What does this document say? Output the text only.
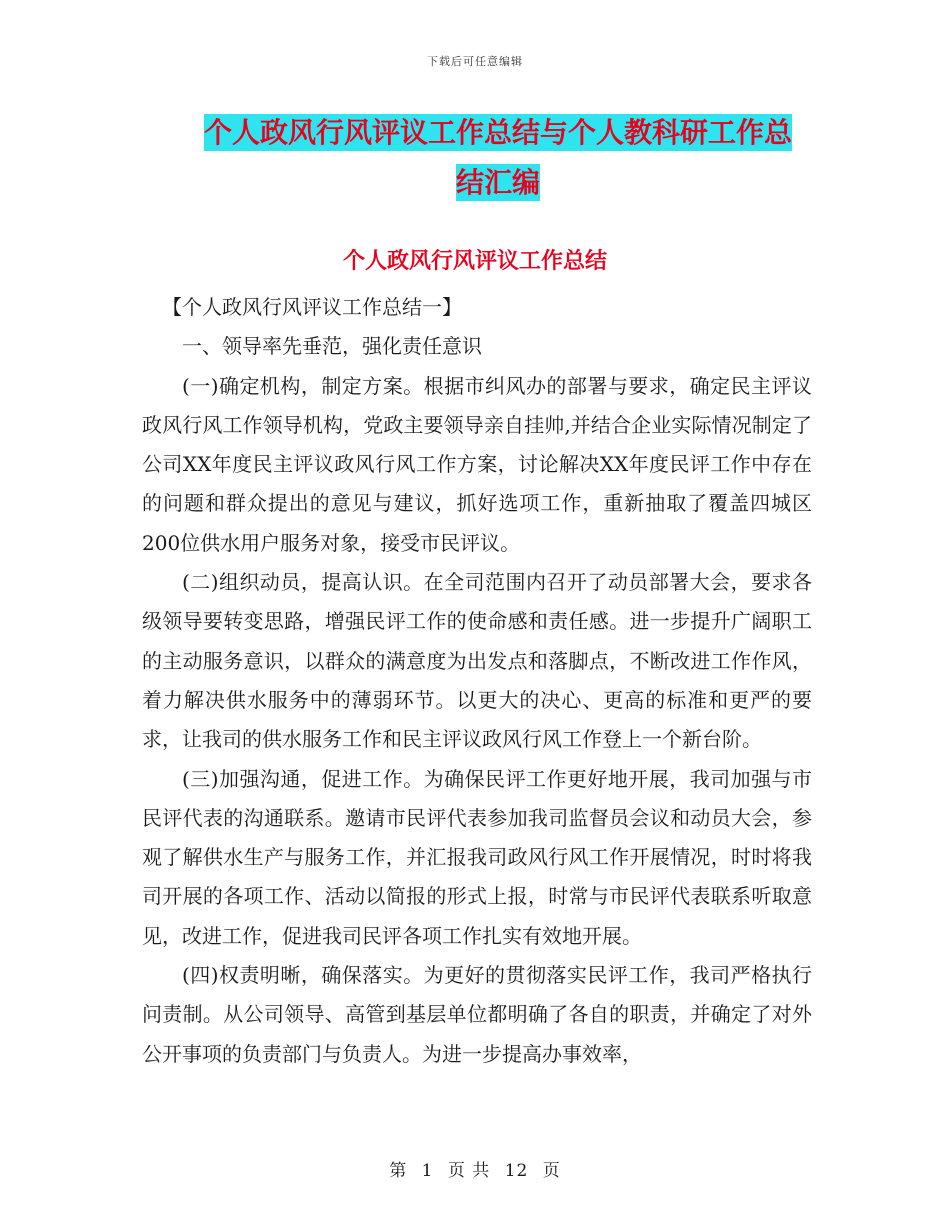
下载后可任意编辑
个人政风行风评议工作总结与个人教科研工作总结汇编
个人政风行风评议工作总结

【个人政风行风评议工作总结一】

一、领导率先垂范，强化责任意识

(一)确定机构，制定方案。根据市纠风办的部署与要求，确定民主评议政风行风工作领导机构，党政主要领导亲自挂帅,并结合企业实际情况制定了公司XX年度民主评议政风行风工作方案，讨论解决XX年度民评工作中存在的问题和群众提出的意见与建议，抓好选项工作，重新抽取了覆盖四城区200位供水用户服务对象，接受市民评议。

(二)组织动员，提高认识。在全司范围内召开了动员部署大会，要求各级领导要转变思路，增强民评工作的使命感和责任感。进一步提升广阔职工的主动服务意识，以群众的满意度为出发点和落脚点，不断改进工作作风，着力解决供水服务中的薄弱环节。以更大的决心、更高的标准和更严的要求，让我司的供水服务工作和民主评议政风行风工作登上一个新台阶。

(三)加强沟通，促进工作。为确保民评工作更好地开展，我司加强与市民评代表的沟通联系。邀请市民评代表参加我司监督员会议和动员大会，参观了解供水生产与服务工作，并汇报我司政风行风工作开展情况，时时将我司开展的各项工作、活动以简报的形式上报，时常与市民评代表联系听取意见，改进工作，促进我司民评各项工作扎实有效地开展。

(四)权责明晰，确保落实。为更好的贯彻落实民评工作，我司严格执行问责制。从公司领导、高管到基层单位都明确了各自的职责，并确定了对外公开事项的负责部门与负责人。为进一步提高办事效率，

第 1 页 共 12 页
